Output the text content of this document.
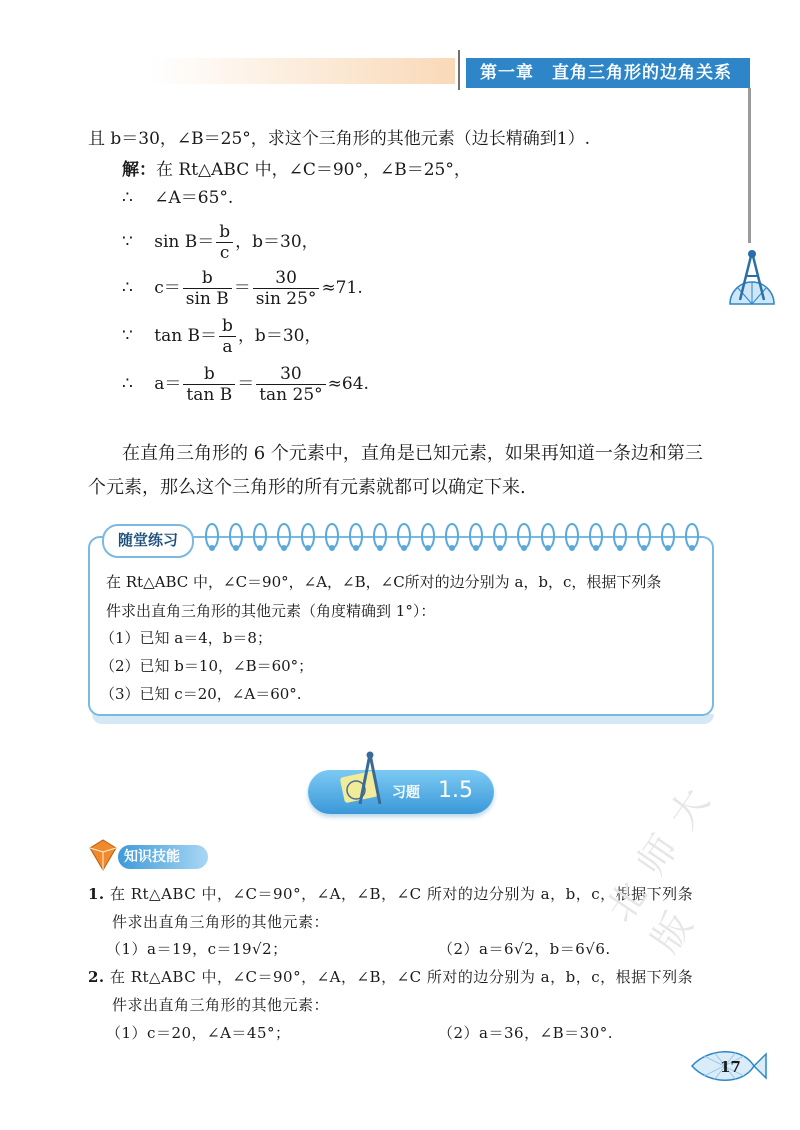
第一章　直角三角形的边角关系
且 b＝30，∠B＝25°，求这个三角形的其他元素（边长精确到1）.
解：在 Rt△ABC 中，∠C＝90°，∠B＝25°，
∴ ∠A＝65°.
∵ $\sin B= \frac{b}{c}$ ，b＝30，
∴ $c= \frac{b}{\text{sin B}} = \frac{30}{\sin 25^\circ} \approx 71$.
∵ $\tan B= \frac{b}{a}$ ，b＝30，
∴ $a= \frac{b}{\text{tan B}} = \frac{30}{\tan 25^\circ} \approx 64$.
在直角三角形的 6 个元素中，直角是已知元素，如果再知道一条边和第三
个元素，那么这个三角形的所有元素就都可以确定下来.
随堂练习
在 Rt△ABC 中，∠C＝90°，∠A，∠B，∠C所对的边分别为 a，b，c，根据下列条
件求出直角三角形的其他元素（角度精确到 1°）：
（1）已知 a＝4，b＝8；
（2）已知 b＝10，∠B＝60°；
（3）已知 c＝20，∠A＝60°.
习题 1.5
知识技能
1. 在 Rt△ABC 中，∠C＝90°，∠A，∠B，∠C 所对的边分别为 a，b，c，根据下列条
件求出直角三角形的其他元素：
（1）a＝19，c＝19√2；	（2）a＝6√2，b＝6√6.
2. 在 Rt△ABC 中，∠C＝90°，∠A，∠B，∠C 所对的边分别为 a，b，c，根据下列条
件求出直角三角形的其他元素：
（1）c＝20，∠A＝45°；	（2）a＝36，∠B＝30°.
北师大版
17
